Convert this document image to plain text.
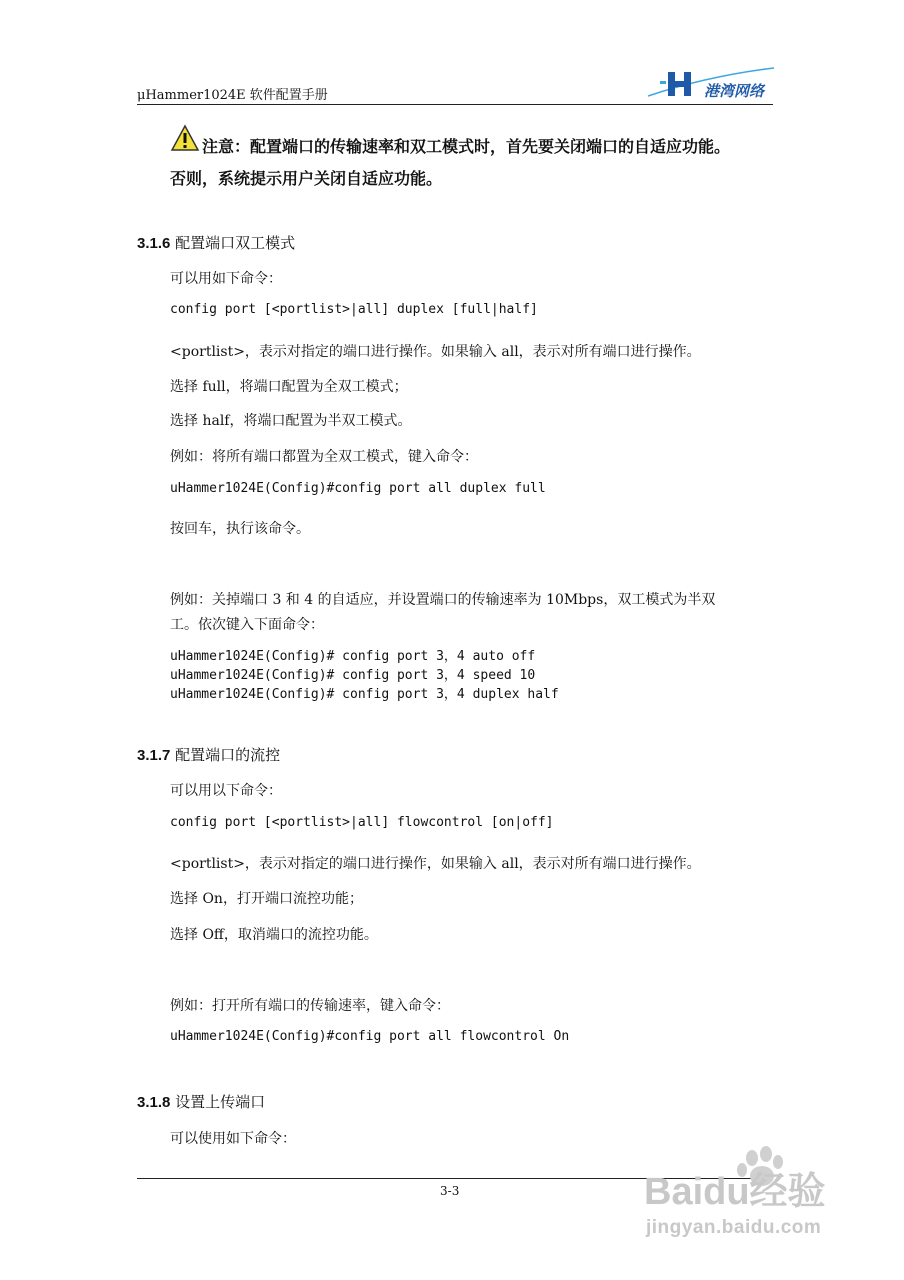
μHammer1024E 软件配置手册	港湾网络
注意：配置端口的传输速率和双工模式时，首先要关闭端口的自适应功能。
否则，系统提示用户关闭自适应功能。
3.1.6 配置端口双工模式
可以用如下命令：
config port [<portlist>|all] duplex [full|half]
<portlist>，表示对指定的端口进行操作。如果输入 all，表示对所有端口进行操作。
选择 full，将端口配置为全双工模式；
选择 half，将端口配置为半双工模式。
例如：将所有端口都置为全双工模式，键入命令：
uHammer1024E(Config)#config port all duplex full
按回车，执行该命令。
例如：关掉端口 3 和 4 的自适应，并设置端口的传输速率为 10Mbps，双工模式为半双
工。依次键入下面命令：
uHammer1024E(Config)# config port 3，4 auto off
uHammer1024E(Config)# config port 3，4 speed 10
uHammer1024E(Config)# config port 3，4 duplex half
3.1.7 配置端口的流控
可以用以下命令：
config port [<portlist>|all] flowcontrol [on|off]
<portlist>，表示对指定的端口进行操作，如果输入 all，表示对所有端口进行操作。
选择 On，打开端口流控功能；
选择 Off，取消端口的流控功能。
例如：打开所有端口的传输速率，键入命令：
uHammer1024E(Config)#config port all flowcontrol On
3.1.8 设置上传端口
可以使用如下命令：
3-3	Baidu经验
jingyan.baidu.com
